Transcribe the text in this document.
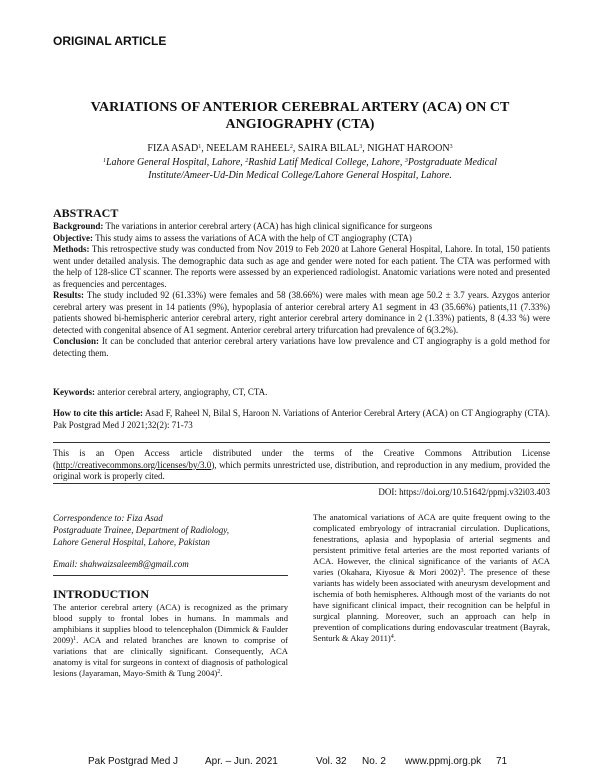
ORIGINAL ARTICLE
VARIATIONS OF ANTERIOR CEREBRAL ARTERY (ACA) ON CT
ANGIOGRAPHY (CTA)
FIZA ASAD$^1$, NEELAM RAHEEL$^2$, SAIRA BILAL$^3$, NIGHAT HAROON$^3$
$^1$Lahore General Hospital, Lahore, $^2$Rashid Latif Medical College, Lahore, $^3$Postgraduate Medical Institute/Ameer-Ud-Din Medical College/Lahore General Hospital, Lahore.
ABSTRACT

Background: The variations in anterior cerebral artery (ACA) has high clinical significance for surgeons

Objective: This study aims to assess the variations of ACA with the help of CT angiography (CTA)

Methods: This retrospective study was conducted from Nov 2019 to Feb 2020 at Lahore General Hospital, Lahore. In total, 150 patients went under detailed analysis. The demographic data such as age and gender were noted for each patient. The CTA was performed with the help of 128-slice CT scanner. The reports were assessed by an experienced radiologist. Anatomic variations were noted and presented as frequencies and percentages.

Results: The study included 92 (61.33%) were females and 58 (38.66%) were males with mean age 50.2 ± 3.7 years. Azygos anterior cerebral artery was present in 14 patients (9%), hypoplasia of anterior cerebral artery A1 segment in 43 (35.66%) patients,11 (7.33%) patients showed bi-hemispheric anterior cerebral artery, right anterior cerebral artery dominance in 2 (1.33%) patients, 8 (4.33 %) were detected with congenital absence of A1 segment. Anterior cerebral artery trifurcation had prevalence of 6(3.2%).

Conclusion: It can be concluded that anterior cerebral artery variations have low prevalence and CT angiography is a gold method for detecting them.

Keywords: anterior cerebral artery, angiography, CT, CTA.
How to cite this article: Asad F, Raheel N, Bilal S, Haroon N. Variations of Anterior Cerebral Artery (ACA) on CT Angiography (CTA). Pak Postgrad Med J 2021;32(2): 71-73
This is an Open Access article distributed under the terms of the Creative Commons Attribution License (http://creativecommons.org/licenses/by/3.0), which permits unrestricted use, distribution, and reproduction in any medium, provided the original work is properly cited.
DOI: https://doi.org/10.51642/ppmj.v32i03.403

Correspondence to: Fiza Asad

Postgraduate Trainee, Department of Radiology,

Lahore General Hospital, Lahore, Pakistan

Email: shahwaizsaleem8@gmail.com

INTRODUCTION

The anterior cerebral artery (ACA) is recognized as the primary blood supply to frontal lobes in humans. In mammals and amphibians it supplies blood to telencephalon (Dimmick & Faulder 2009)$^1$. ACA and related branches are known to comprise of variations that are clinically significant. Consequently, ACA anatomy is vital for surgeons in context of diagnosis of pathological lesions (Jayaraman, Mayo-Smith & Tung 2004)$^2$.

The anatomical variations of ACA are quite frequent owing to the complicated embryology of intracranial circulation. Duplications, fenestrations, aplasia and hypoplasia of arterial segments and persistent primitive fetal arteries are the most reported variants of ACA. However, the clinical significance of the variants of ACA varies (Okahara, Kiyosue & Mori 2002)$^3$. The presence of these variants has widely been associated with aneurysm development and ischemia of both hemispheres. Although most of the variants do not have significant clinical impact, their recognition can be helpful in surgical planning. Moreover, such an approach can help in prevention of complications during endovascular treatment (Bayrak, Senturk & Akay 2011)$^4$.

Pak Postgrad Med J	Apr. – Jun. 2021	Vol. 32 No. 2 www.ppmj.org.pk 71
